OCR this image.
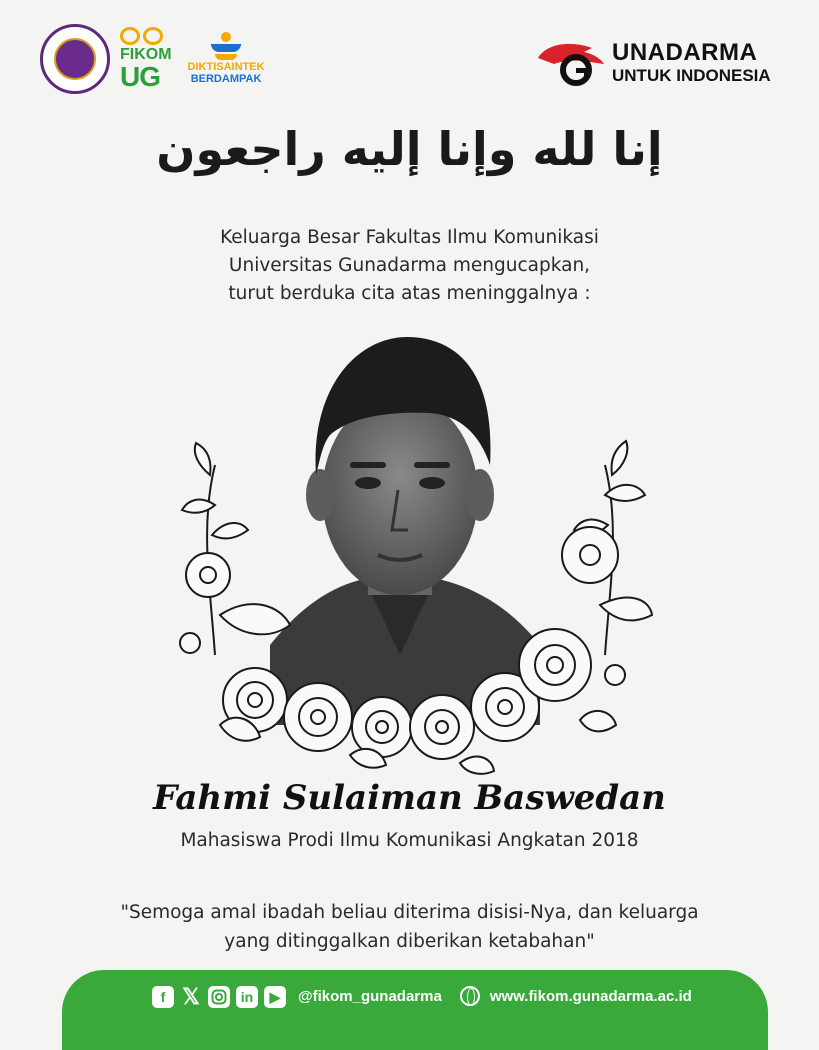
FIKOM
UG	DIKTISAINTEK
BERDAMPAK
UNADARMA
UNTUK INDONESIA
إنا لله وإنا إليه راجعون
Keluarga Besar Fakultas Ilmu Komunikasi
Universitas Gunadarma mengucapkan,
turut berduka cita atas meninggalnya :
Fahmi Sulaiman Baswedan
Mahasiswa Prodi Ilmu Komunikasi Angkatan 2018
"Semoga amal ibadah beliau diterima disisi-Nya, dan keluarga
yang ditinggalkan diberikan ketabahan"
f 𝕏	in	▶	@fikom_gunadarma	www.fikom.gunadarma.ac.id
